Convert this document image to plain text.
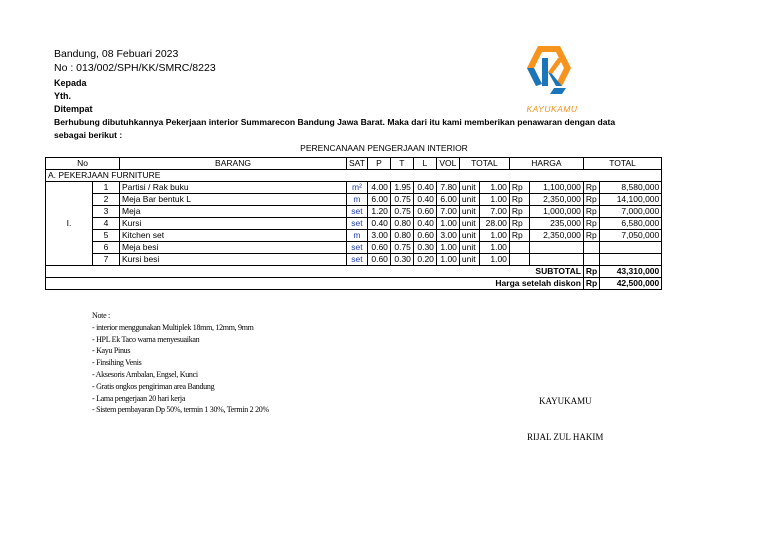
Bandung, 08 Febuari 2023
No : 013/002/SPH/KK/SMRC/8223
Kepada
Yth.
Ditempat
Berhubung dibutuhkannya Pekerjaan interior Summarecon Bandung Jawa Barat. Maka dari itu kami memberikan penawaran dengan data
sebagai berikut :
KAYUKAMU
PERENCANAAN PENGERJAAN INTERIOR
No		BARANG	SAT	P	T	L	VOL	TOTAL		HARGA		TOTAL	
A. PEKERJAAN FURNITURE													
I.	1	Partisi / Rak buku	m²	4.00	1.95	0.40	7.80	unit	1.00	Rp	1,100,000	Rp	8,580,000
	2	Meja Bar bentuk L	m	6.00	0.75	0.40	6.00	unit	1.00	Rp	2,350,000	Rp	14,100,000
	3	Meja	set	1.20	0.75	0.60	7.00	unit	7.00	Rp	1,000,000	Rp	7,000,000
	4	Kursi	set	0.40	0.80	0.40	1.00	unit	28.00	Rp	235,000	Rp	6,580,000
	5	Kitchen set	m	3.00	0.80	0.60	3.00	unit	1.00	Rp	2,350,000	Rp	7,050,000
	6	Meja besi	set	0.60	0.75	0.30	1.00	unit	1.00				
	7	Kursi besi	set	0.60	0.30	0.20	1.00	unit	1.00				
SUBTOTAL												Rp	43,310,000
Harga setelah diskon												Rp	42,500,000
Note :
- interior menggunakan Multiplek 18mm, 12mm, 9mm
- HPL Ek Taco warna menyesuaikan
- Kayu Pinus
- Finsihing Venis
- Aksesoris Ambalan, Engsel, Kunci
- Gratis ongkos pengiriman area Bandung
- Lama pengerjaan 20 hari kerja
- Sistem pembayaran Dp 50%, termin 1 30%, Termin 2 20%
KAYUKAMU
RIJAL ZUL HAKIM
